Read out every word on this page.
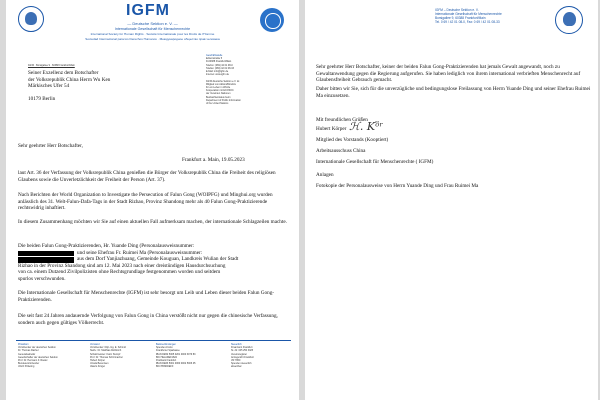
IGFM
— Deutsche Sektion e. V. —
Internationale Gesellschaft für Menschenrechte
International Society for Human Rights · Société Internationale pour les Droits de l'Homme
Sociedad Internacional para los Derechos Humanos · Международное общество прав человека
IGFM · Borsigallee 9 · 60388 Frankfurt/Main
Seiner Exzellenz dem Botschafter
der Volksrepublik China Herrn Wu Ken
Märkisches Ufer 54
10179 Berlin
Geschäftsstelle
Edisonstraße 5
D-60388 Frankfurt/Main
Telefon: (069) 42 01 08-0
Telefax: (069) 42 01 08-33
E-Mail: info@igfm.de
Internet: www.igfm.de

IGFM-Deutsche Sektion e.V. ist
Mitglied von AktionsBündnis
für ein Leben in Würde
Kooperation mit ECOSOC
der Vereinten Nationen
Beobachterstatus beim
Department of Public Information
of the United Nations
Sehr geehrter Herr Botschafter,
Frankfurt a. Main, 19.05.2023
laut Art. 36 der Verfassung der Volksrepublik China genießen die Bürger der Volksrepublik China die Freiheit des religiösen Glaubens sowie die Unverletzlichkeit der Freiheit der Person (Art. 37).
Nach Berichten der World Organization to Investigate the Persecution of Falun Gong (WOIPFG) und Minghui.org wurden anlässlich des 31. Welt-Falun-Dafa-Tags in der Stadt Rizhao, Provinz Shandong mehr als 40 Falun Gong-Praktizierende rechtswidrig inhaftiert.
In diesem Zusammenhang möchten wir Sie auf einen aktuellen Fall aufmerksam machen, der internationale Schlagzeilen machte.
Die beiden Falun Gong-Praktizierenden, Hr. Yuande Ding (Personalausweisnummer:
und seine Ehefrau Fr. Ruimei Ma (Personalausweisnummer:
aus dem Dorf Yanjiazhuang, Gemeinde Kouguan, Landkreis Wulian der Stadt
Rizhao in der Provinz Shandong sind am 12. Mai 2023 nach einer dreistündigen Hausdurchsuchung
von ca. einem Dutzend Zivilpolizisten ohne Rechtsgrundlage festgenommen worden und seitdem
spurlos verschwunden.
Die Internationale Gesellschaft für Menschenrechte (IGFM) ist sehr besorgt um Leib und Leben dieser beiden Falun Gong-Praktizierenden.
Die seit fast 24 Jahren andauernde Verfolgung von Falun Gong in China verstößt nicht nur gegen die chinesische Verfassung, sondern auch gegen gültiges Völkerrecht.
Präsidium
Vorsitzender der deutschen Sektion
Dr. Thomas Rachel
Generalsekretär
Gesellschafter der deutschen Sektion
Prof. Dr. Hermann F. Riedel
Bundesvorsitzender
Ulrich Pöttering
Vorstand
Vorsitzender: Dipl.-Ing. E. Schmid
Stellv.: Dr. Matthias Rothkirch
Schatzmeister: Karin Stumpf
Prof. Dr. Thomas Schirrmacher
Hubert Körper
Ursula Berentsen
Valerio Krüger
Bankverbindungen
Spenden-Konto
Frankfurter Sparkasse
IBAN DE52 5005 0201 0000 3079 83
BIC HELADEF1822
Postbank Frankfurt
IBAN DE63 5001 0060 0002 5006 05
BIC PBNKDEFF
Steuerlich
Finanzamt Frankfurt
St.-Nr. 045 250 3025
Vereinsregister
Amtsgericht Frankfurt
VR 7860
Spenden steuerlich
absetzbar
IGFM – Deutsche Sektion e. V.
Internationale Gesellschaft für Menschenrechte
Borsigallee 9, 60388 Frankfurt/Main
Tel. 0 69 / 42 01 08-0, Fax: 0 69 / 42 01 08-33
Sehr geehrter Herr Botschafter, keiner der beiden Falun Gong-Praktizierenden hat jemals Gewalt angewandt, noch zu Gewaltanwendung gegen die Regierung aufgerufen. Sie haben lediglich von ihrem international verbrieften Menschenrecht auf Glaubensfreiheit Gebrauch gemacht.
Daher bitten wir Sie, sich für die unverzügliche und bedingungslose Freilassung von Herrn Yuande Ding und seiner Ehefrau Ruimei Ma einzusetzen.
Mit freundlichen Grüßen
ℋ. Kᵒ̈ʳ
Hubert Körper
Mitglied des Vorstands (Kooptiert)
Arbeitsausschuss China
Internationale Gesellschaft für Menschenrechte ( IGFM)
Anlagen
Fotokopie der Personalausweise von Herrn Yuande Ding und Frau Ruimei Ma
